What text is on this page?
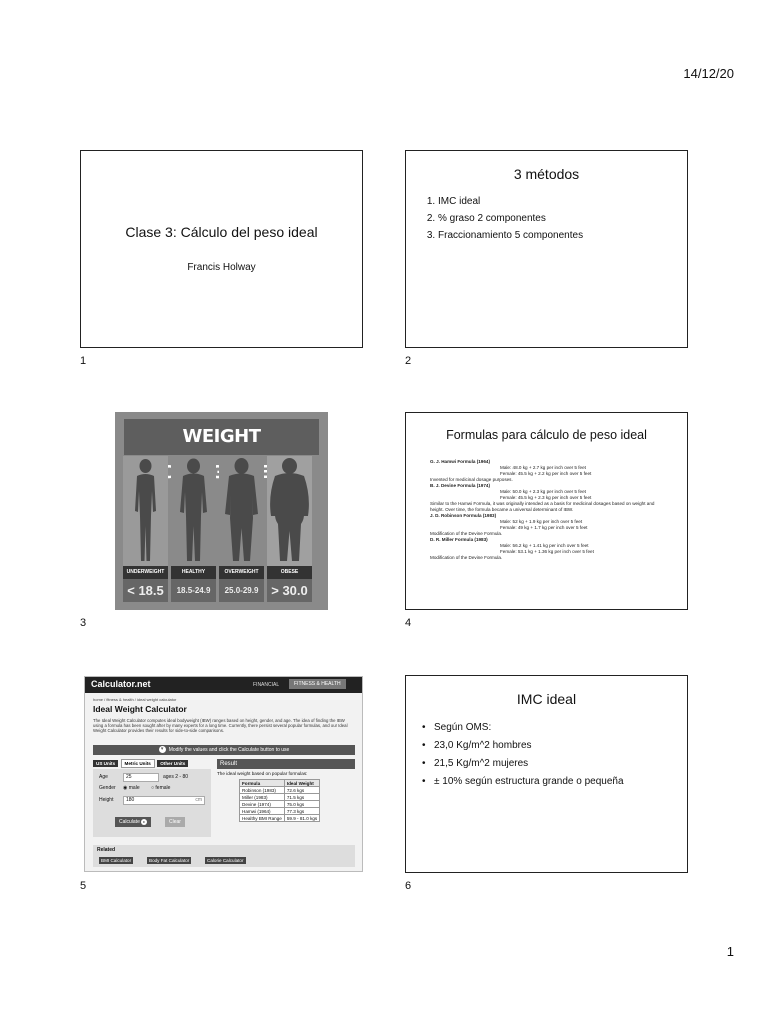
14/12/20
Clase 3: Cálculo del peso ideal
Francis Holway
1
3 métodos
1. IMC ideal
2. % graso 2 componentes
3. Fraccionamiento 5 componentes
2
WEIGHT
UNDERWEIGHT	HEALTHY	OVERWEIGHT	OBESE
< 18.5	18.5-24.9	25.0-29.9 > 30.0
3
Formulas para cálculo de peso ideal
G. J. Hamwi Formula (1964)
Male: 48.0 kg + 2.7 kg per inch over 5 feet
Female: 45.5 kg + 2.2 kg per inch over 5 feet
Invented for medicinal dosage purposes.
B. J. Devine Formula (1974)
Male: 50.0 kg + 2.3 kg per inch over 5 feet
Female: 45.5 kg + 2.3 kg per inch over 5 feet
Similar to the Hamwi Formula, it was originally intended as a basis for medicinal dosages based on weight and height. Over time, the formula became a universal determinant of IBW.
J. D. Robinson Formula (1983)
Male: 52 kg + 1.9 kg per inch over 5 feet
Female: 49 kg + 1.7 kg per inch over 5 feet
Modification of the Devine Formula.
D. R. Miller Formula (1983)
Male: 56.2 kg + 1.41 kg per inch over 5 feet
Female: 53.1 kg + 1.36 kg per inch over 5 feet
Modification of the Devine Formula.
4
Calculator.net	FINANCIAL	FITNESS & HEALTH
home / fitness & health / ideal weight calculator
Ideal Weight Calculator
The Ideal Weight Calculator computes ideal bodyweight (IBW) ranges based on height, gender, and age. The idea of finding the IBW using a formula has been sought after by many experts for a long time. Currently, there persist several popular formulas, and our Ideal Weight Calculator provides their results for side-to-side comparisons.
▾ Modify the values and click the Calculate button to use
US Units Metric Units Other Units
Age	25	ages 2 - 80
Gender ◉ male ○ female
Height	180	cm
Calculate ▸	Clear
Result
The ideal weight based on popular formulas:
Formula	Ideal Weight
Robinson (1983)	72.6 kgs
Miller (1983)	71.5 kgs
Devine (1974)	75.0 kgs
Hamwi (1964)	77.3 kgs
Healthy BMI Range	59.9 - 81.0 kgs
Related
BMI Calculator	Body Fat Calculator	Calorie Calculator
5
IMC ideal
• Según OMS:
• 23,0 Kg/m^2 hombres
• 21,5 Kg/m^2 mujeres
• ± 10% según estructura grande o pequeña
6
1
